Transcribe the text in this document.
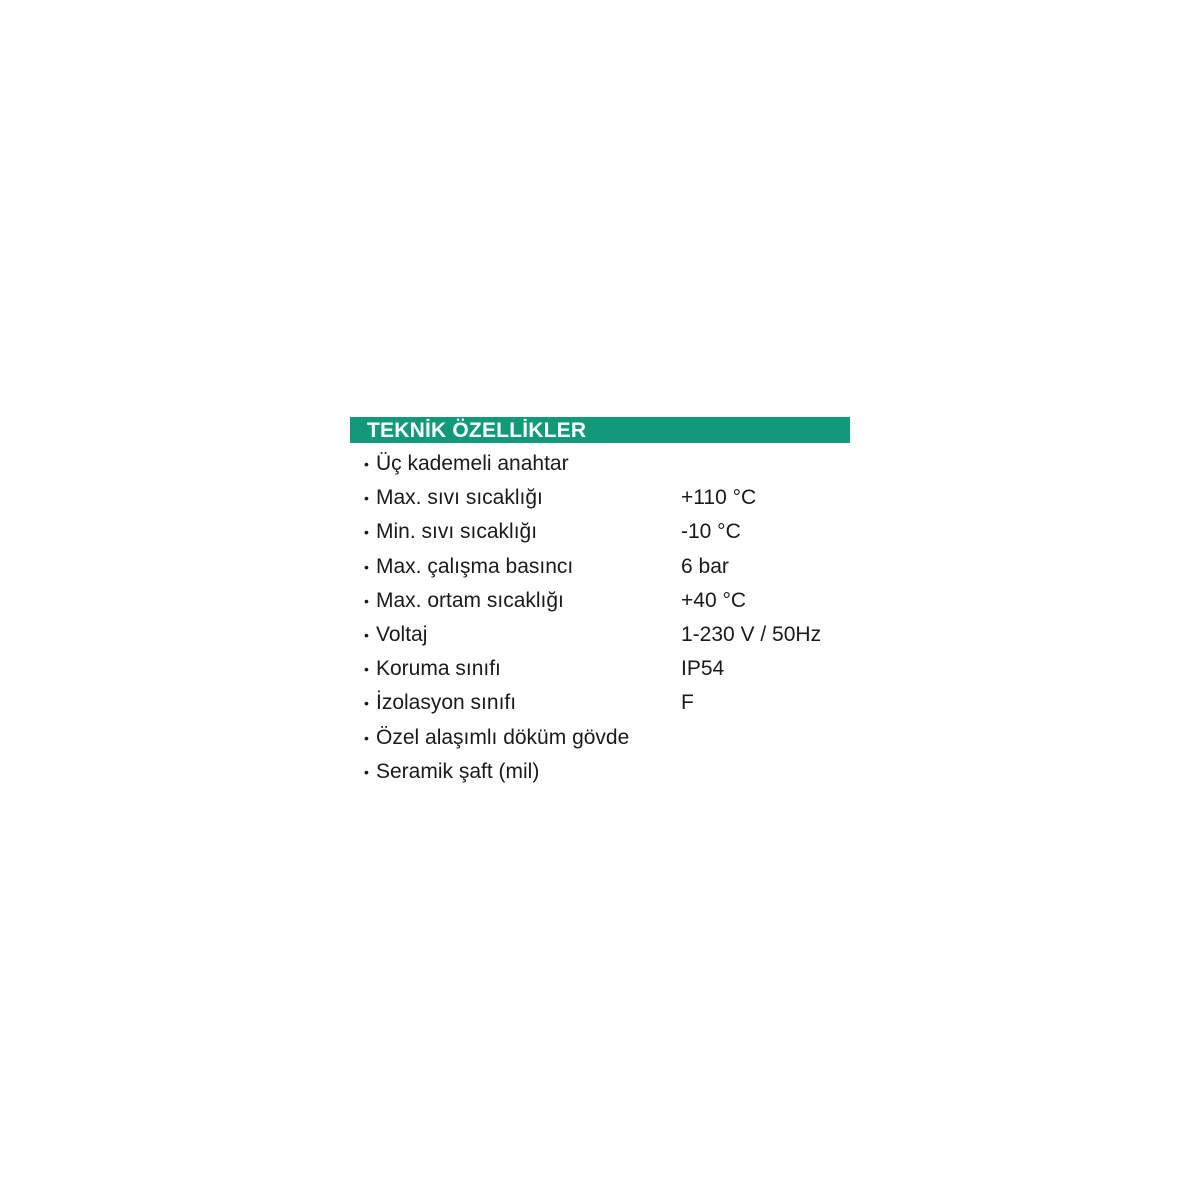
TEKNİK ÖZELLİKLER
• Üç kademeli anahtar
• Max. sıvı sıcaklığı	+110 °C
• Min. sıvı sıcaklığı	-10 °C
• Max. çalışma basıncı	6 bar
• Max. ortam sıcaklığı	+40 °C
• Voltaj	1-230 V / 50Hz
• Koruma sınıfı	IP54
• İzolasyon sınıfı	F
• Özel alaşımlı döküm gövde
• Seramik şaft (mil)
